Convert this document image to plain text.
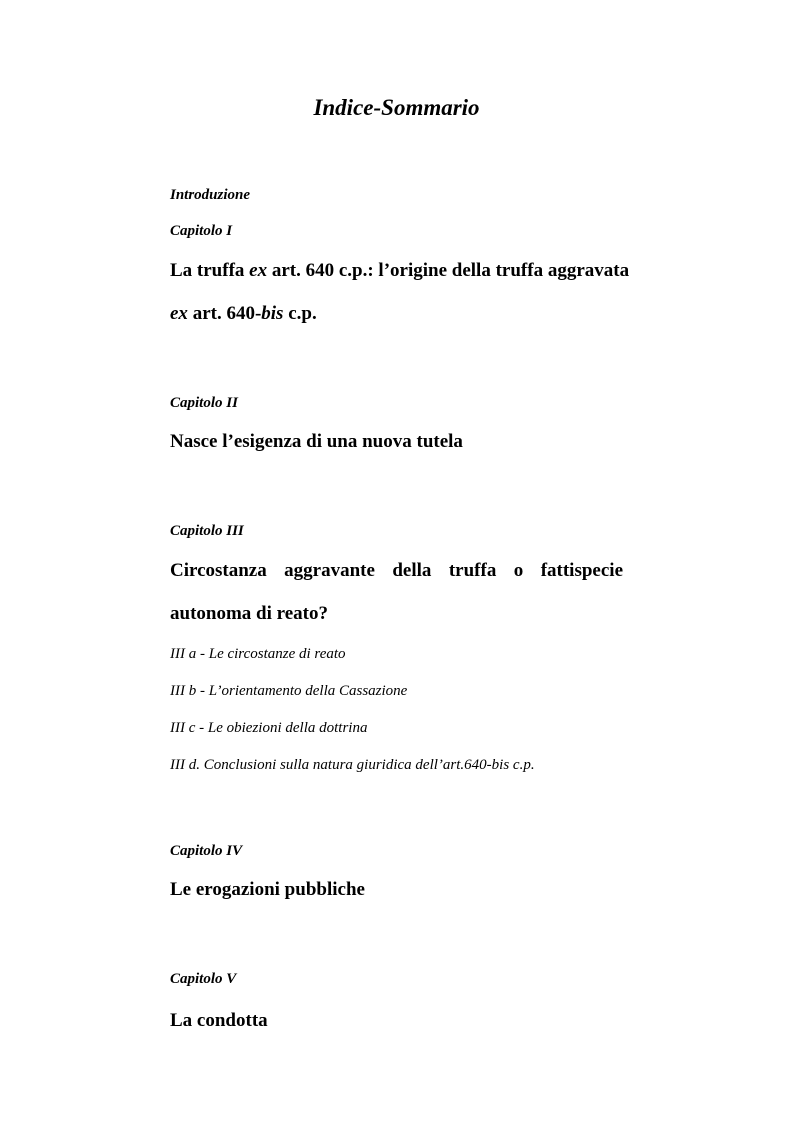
Indice-Sommario

Introduzione

Capitolo I

La truffa ex art. 640 c.p.: l’origine della truffa aggravata

ex art. 640-bis c.p.

Capitolo II

Nasce l’esigenza di una nuova tutela

Capitolo III

Circostanza aggravante della truffa o fattispecie

autonoma di reato?

III a - Le circostanze di reato

III b - L’orientamento della Cassazione

III c - Le obiezioni della dottrina

III d. Conclusioni sulla natura giuridica dell’art.640-bis c.p.

Capitolo IV

Le erogazioni pubbliche

Capitolo V

La condotta
